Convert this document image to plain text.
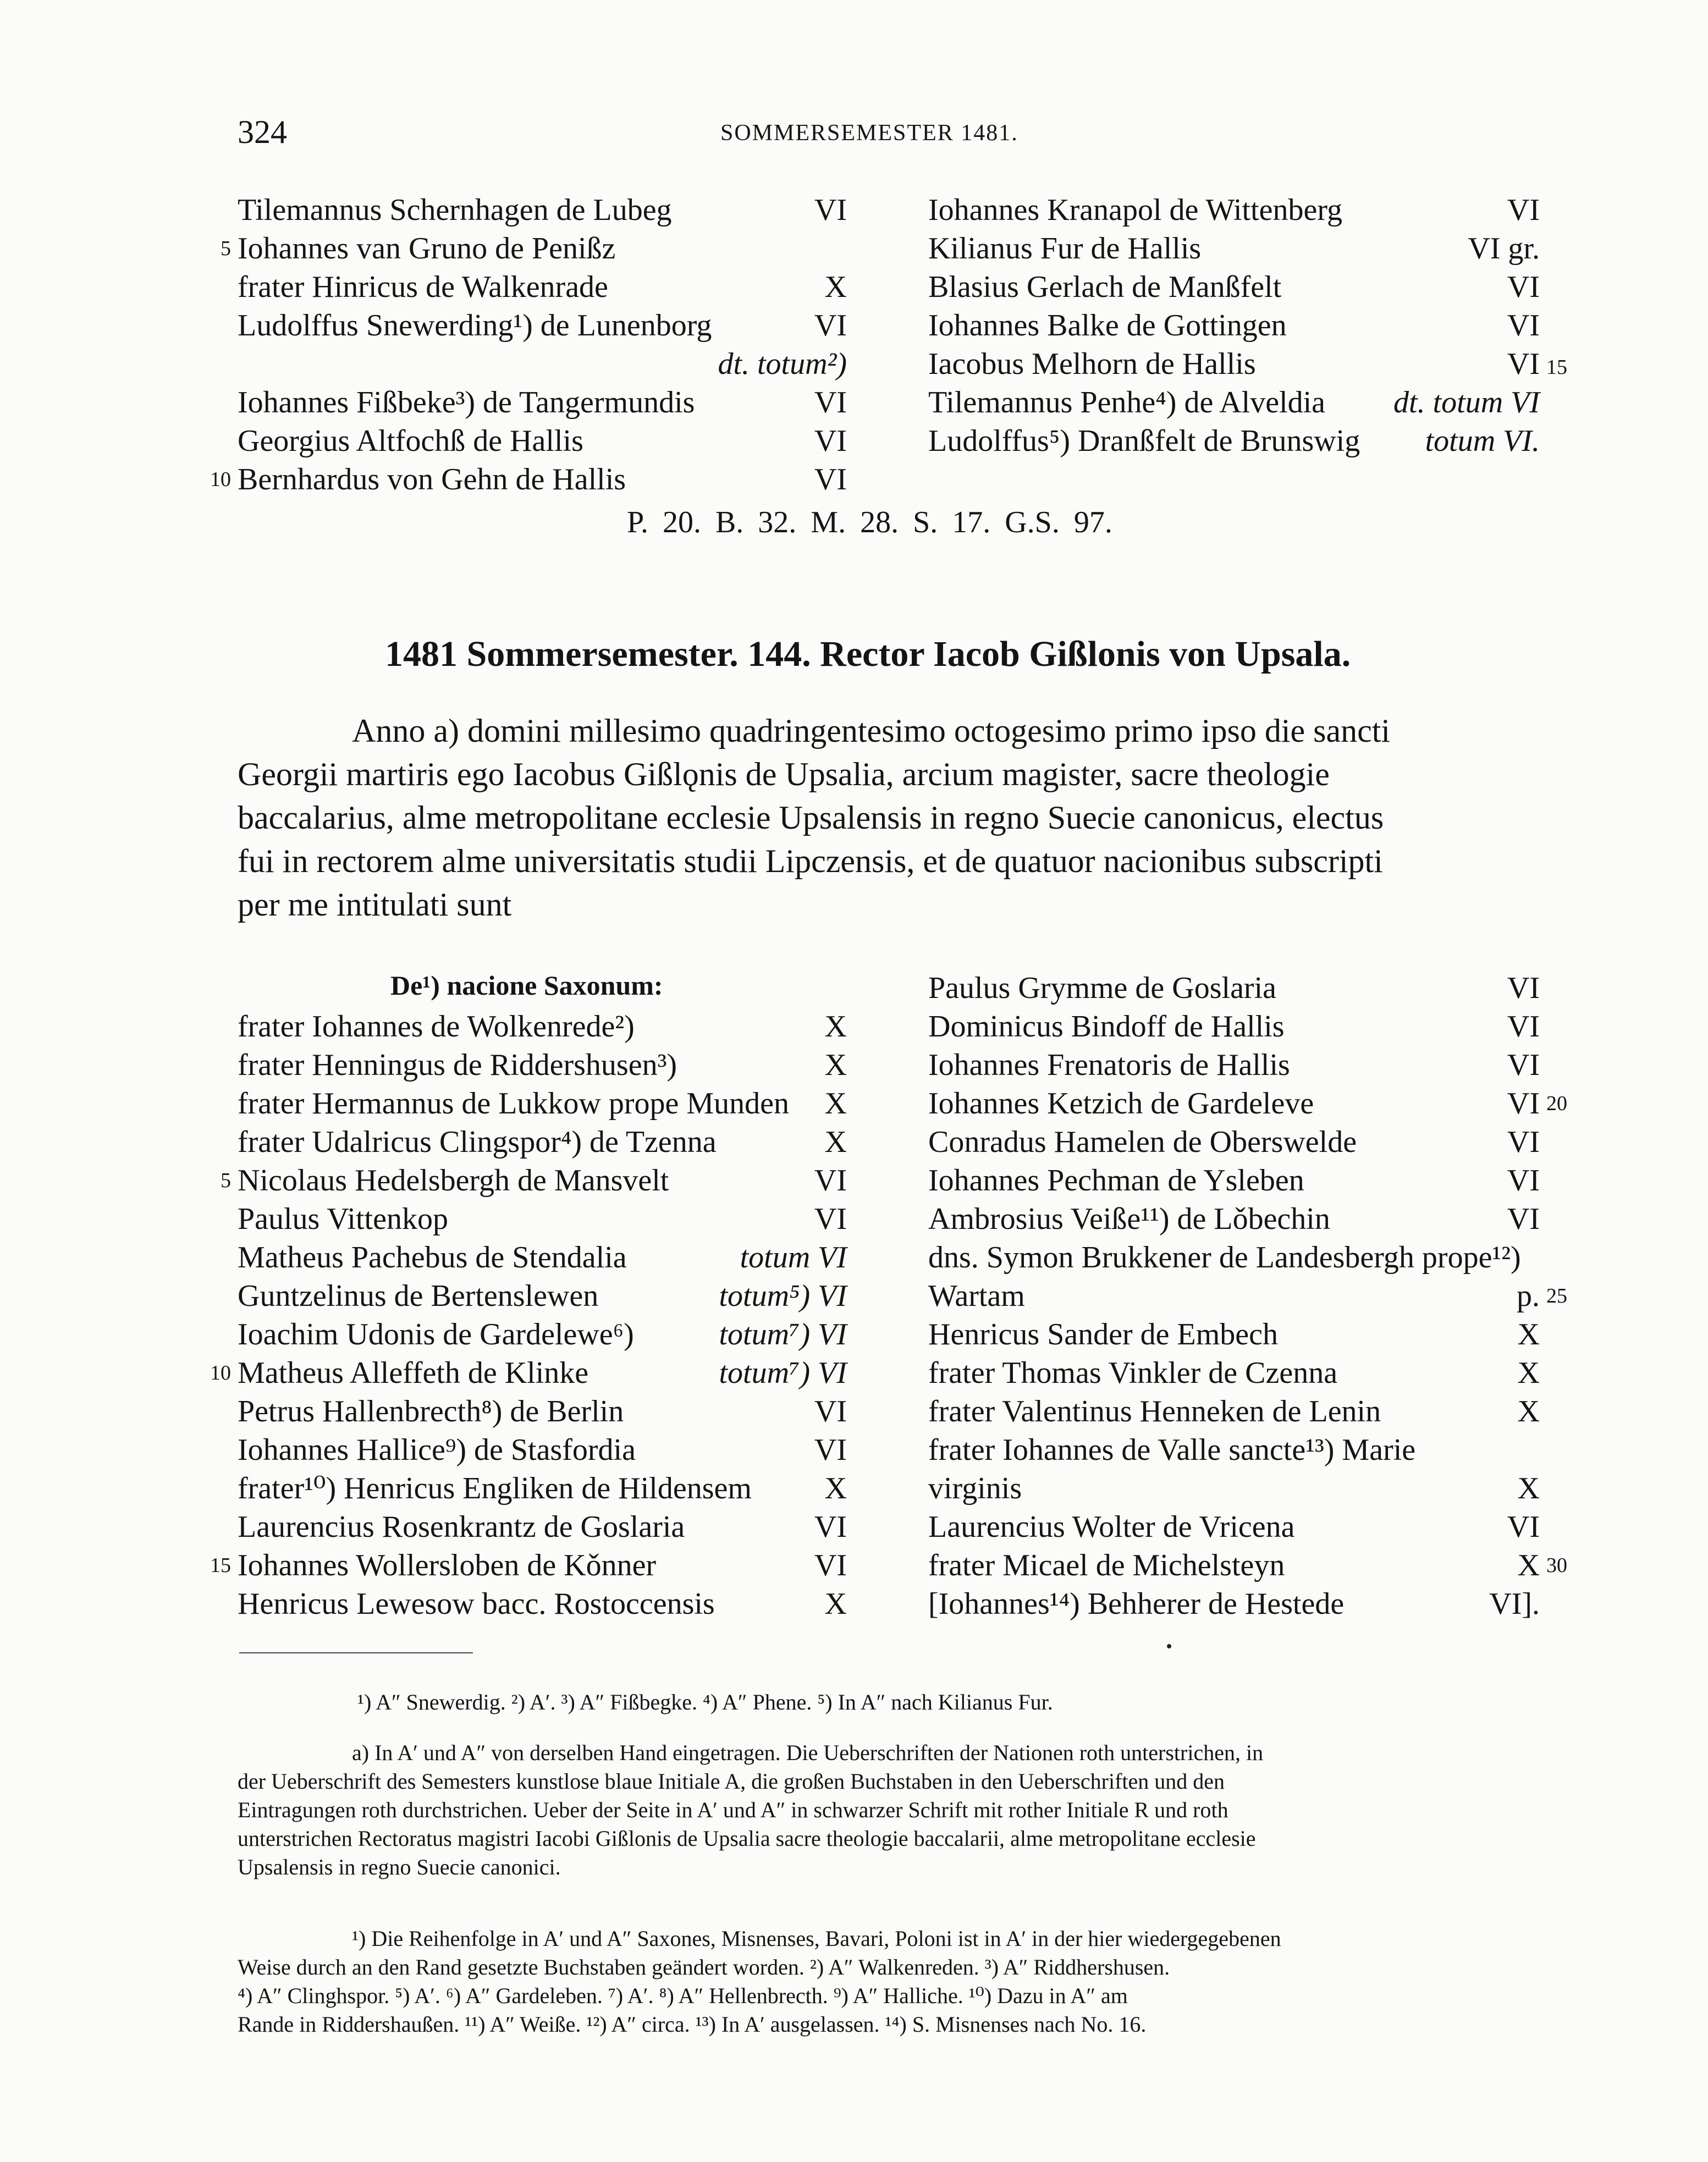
324	SOMMERSEMESTER 1481.
Tilemannus Schernhagen de Lubeg	VI
Iohannes van Gruno de Penißz
frater Hinricus de Walkenrade	X
Ludolffus Snewerding¹) de Lunenborg	VI
dt. totum²)
Iohannes Fißbeke³) de Tangermundis	VI
Georgius Altfochß de Hallis	VI
Bernhardus von Gehn de Hallis	VI
Iohannes Kranapol de Wittenberg	VI
Kilianus Fur de Hallis	VI gr.
Blasius Gerlach de Manßfelt	VI
Iohannes Balke de Gottingen	VI
Iacobus Melhorn de Hallis	VI
Tilemannus Penhe⁴) de Alveldia	dt. totum VI
Ludolffus⁵) Dranßfelt de Brunswig	totum VI.
5
10
15
P. 20. B. 32. M. 28. S. 17. G.S. 97.
1481 Sommersemester. 144. Rector Iacob Gißlonis von Upsala.
Anno a) domini millesimo quadringentesimo octogesimo primo ipso die sancti
Georgii martiris ego Iacobus Gißlǫnis de Upsalia, arcium magister, sacre theologie
baccalarius, alme metropolitane ecclesie Upsalensis in regno Suecie canonicus, electus
fui in rectorem alme universitatis studii Lipczensis, et de quatuor nacionibus subscripti
per me intitulati sunt
De¹) nacione Saxonum:
frater Iohannes de Wolkenrede²)	X
frater Henningus de Riddershusen³)	X
frater Hermannus de Lukkow prope Munden	X
frater Udalricus Clingspor⁴) de Tzenna	X
Nicolaus Hedelsbergh de Mansvelt	VI
Paulus Vittenkop	VI
Matheus Pachebus de Stendalia	totum VI
Guntzelinus de Bertenslewen	totum⁵) VI
Ioachim Udonis de Gardelewe⁶)	totum⁷) VI
Matheus Alleffeth de Klinke	totum⁷) VI
Petrus Hallenbrecth⁸) de Berlin	VI
Iohannes Hallice⁹) de Stasfordia	VI
frater¹⁰) Henricus Engliken de Hildensem	X
Laurencius Rosenkrantz de Goslaria	VI
Iohannes Wollersloben de Kǒnner	VI
Henricus Lewesow bacc. Rostoccensis	X
Paulus Grymme de Goslaria	VI
Dominicus Bindoff de Hallis	VI
Iohannes Frenatoris de Hallis	VI
Iohannes Ketzich de Gardeleve	VI
Conradus Hamelen de Obersweldе	VI
Iohannes Pechman de Ysleben	VI
Ambrosius Veiße¹¹) de Lǒbechin	VI
dns. Symon Brukkener de Landesbergh prope¹²)
Wartam	p.
Henricus Sander de Embech	X
frater Thomas Vinkler de Czenna	X
frater Valentinus Henneken de Lenin	X
frater Iohannes de Valle sancte¹³) Marie
virginis	X
Laurencius Wolter de Vricena	VI
frater Micael de Michelsteyn	X
[Iohannes¹⁴) Behherer de Hestede	VI].
5
10
15
20
25
30
¹) A″ Snewerdig. ²) A′. ³) A″ Fißbegke. ⁴) A″ Phene. ⁵) In A″ nach Kilianus Fur.
a) In A′ und A″ von derselben Hand eingetragen. Die Ueberschriften der Nationen roth unterstrichen, in
der Ueberschrift des Semesters kunstlose blaue Initiale A, die großen Buchstaben in den Ueberschriften und den
Eintragungen roth durchstrichen. Ueber der Seite in A′ und A″ in schwarzer Schrift mit rother Initiale R und roth
unterstrichen Rectoratus magistri Iacobi Gißlonis de Upsalia sacre theologie baccalarii, alme metropolitane ecclesie
Upsalensis in regno Suecie canonici.
¹) Die Reihenfolge in A′ und A″ Saxones, Misnenses, Bavari, Poloni ist in A′ in der hier wiedergegebenen
Weise durch an den Rand gesetzte Buchstaben geändert worden. ²) A″ Walkenreden. ³) A″ Riddhershusen.
⁴) A″ Clinghspor. ⁵) A′. ⁶) A″ Gardeleben. ⁷) A′. ⁸) A″ Hellenbrecth. ⁹) A″ Halliche. ¹⁰) Dazu in A″ am
Rande in Riddershaußen. ¹¹) A″ Weiße. ¹²) A″ circa. ¹³) In A′ ausgelassen. ¹⁴) S. Misnenses nach No. 16.
